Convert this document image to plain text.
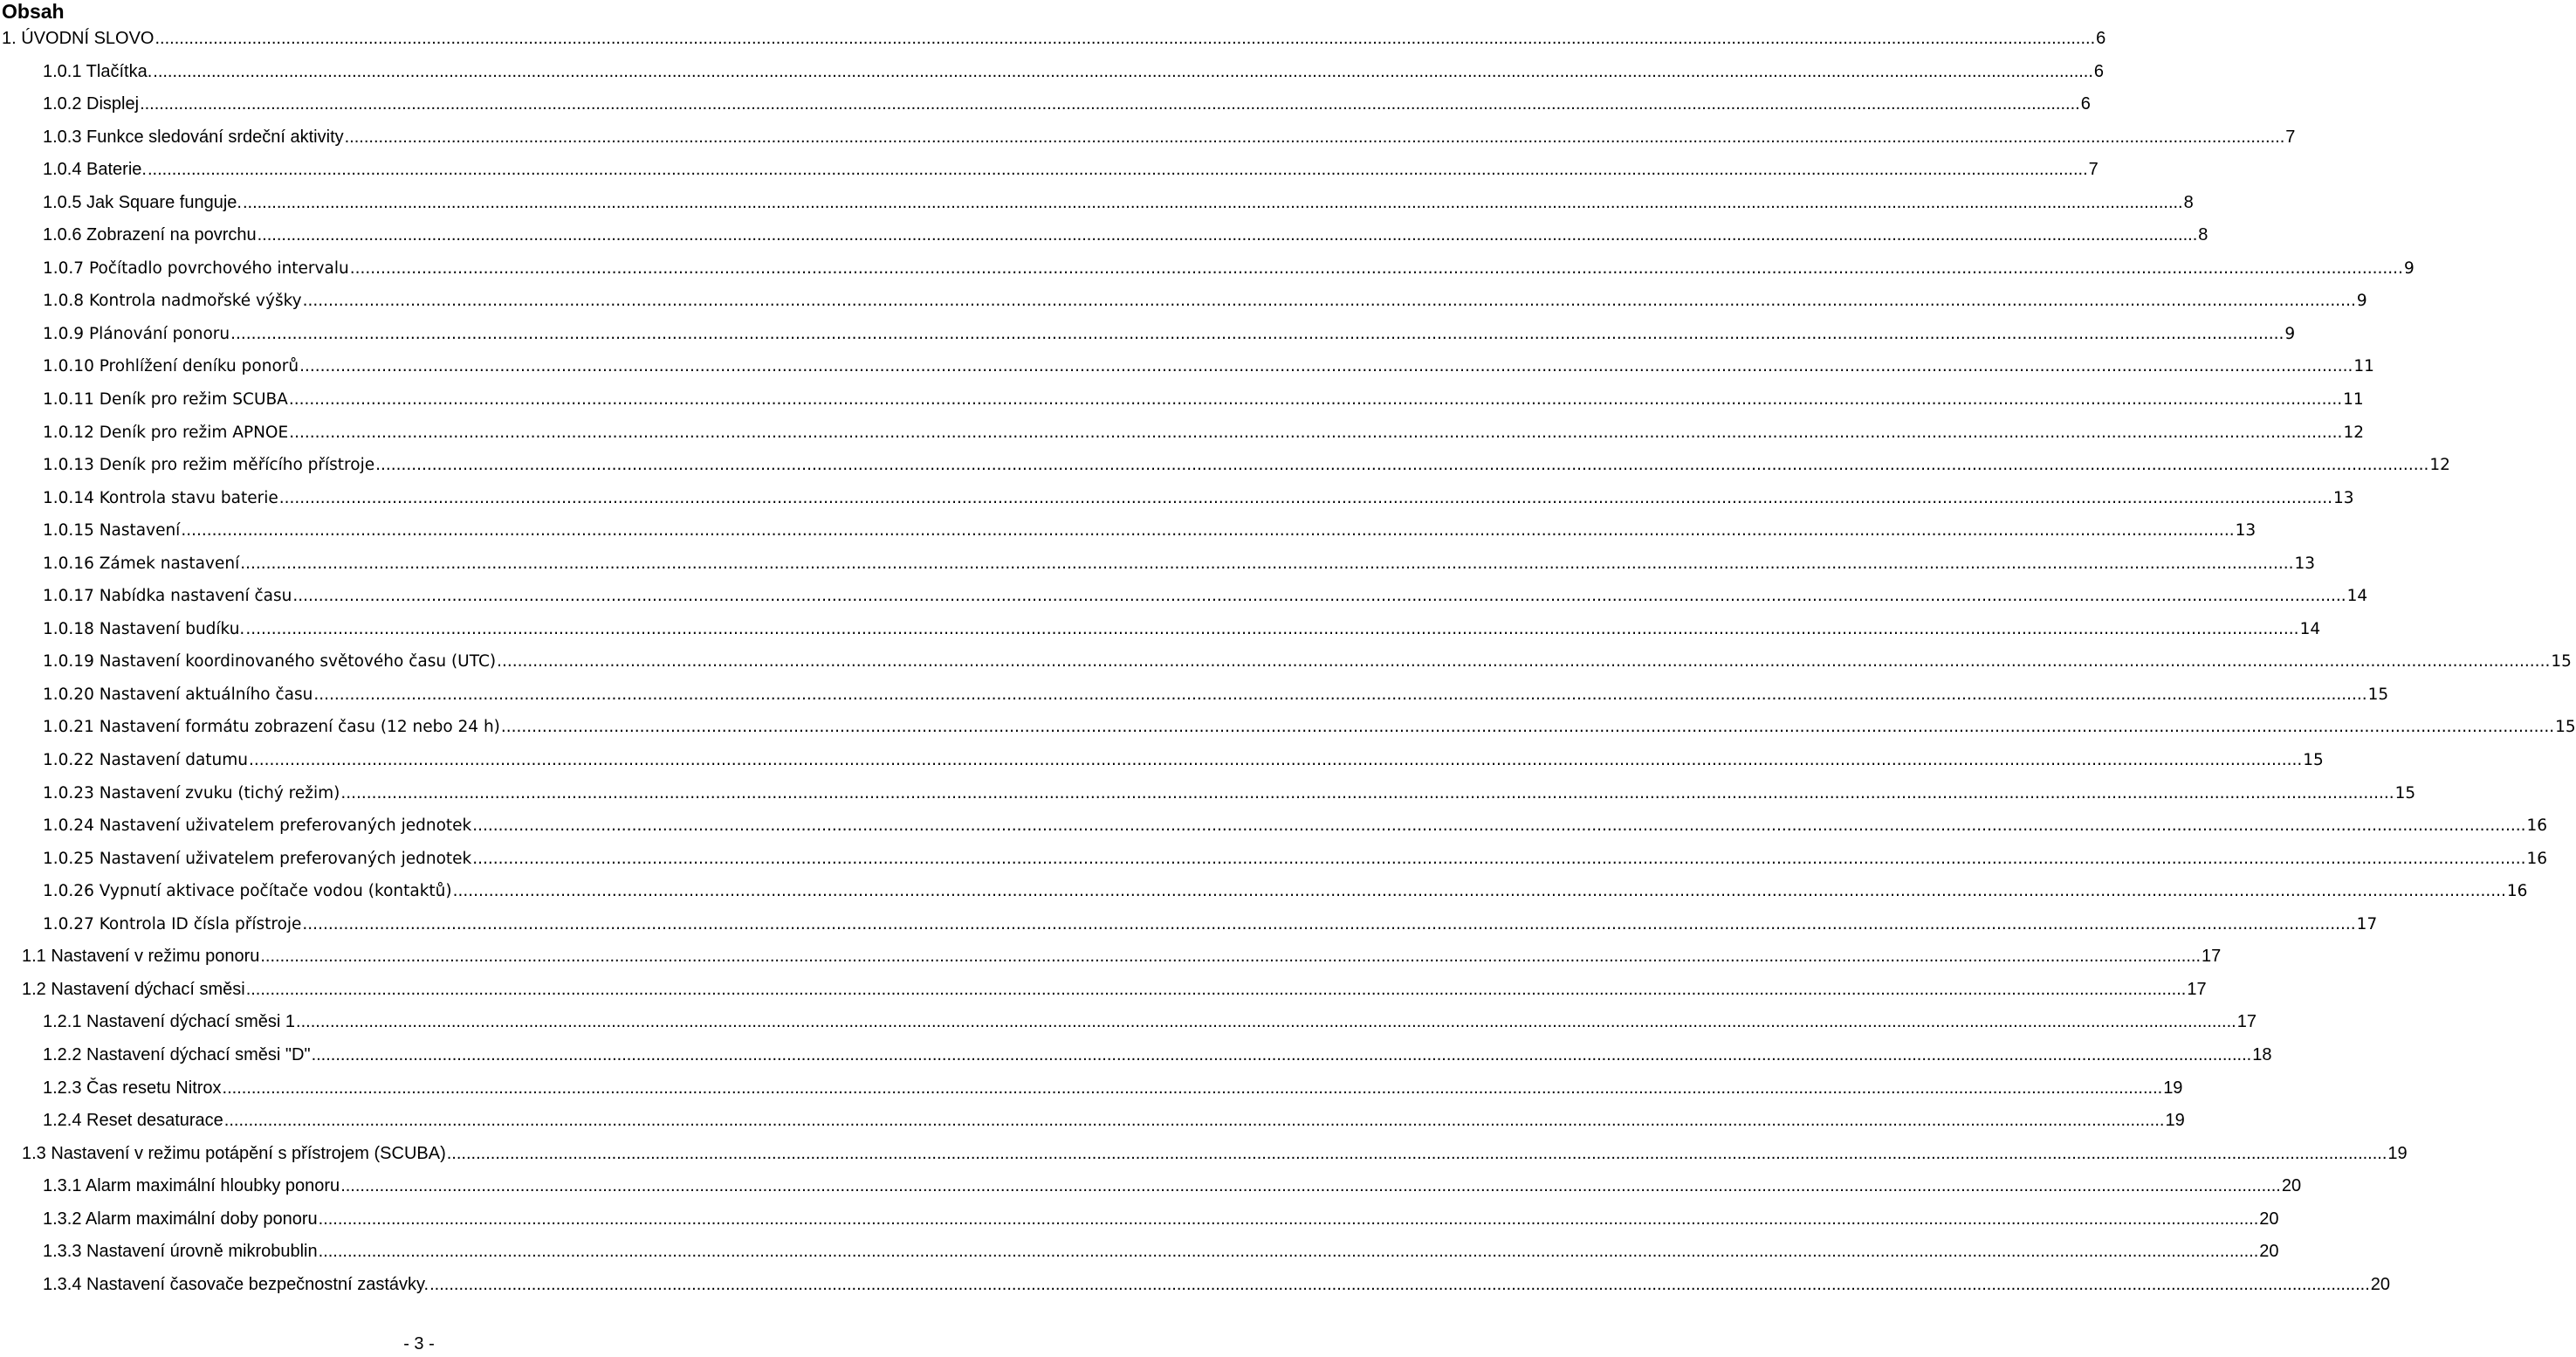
Obsah
1. ÚVODNÍ SLOVO ................................................................................................................................................................................................................................................................................................................................................................................................................ 6
1.0.1 Tlačítka. ................................................................................................................................................................................................................................................................................................................................................................................................................ 6
1.0.2 Displej ................................................................................................................................................................................................................................................................................................................................................................................................................ 6
1.0.3 Funkce sledování srdeční aktivity ................................................................................................................................................................................................................................................................................................................................................................................................................ 7
1.0.4 Baterie. ................................................................................................................................................................................................................................................................................................................................................................................................................ 7
1.0.5 Jak Square funguje. ................................................................................................................................................................................................................................................................................................................................................................................................................ 8
1.0.6 Zobrazení na povrchu ................................................................................................................................................................................................................................................................................................................................................................................................................ 8
1.0.7 Počítadlo povrchového intervalu ................................................................................................................................................................................................................................................................................................................................................................................................................ 9
1.0.8 Kontrola nadmořské výšky ................................................................................................................................................................................................................................................................................................................................................................................................................ 9
1.0.9 Plánování ponoru ................................................................................................................................................................................................................................................................................................................................................................................................................ 9
1.0.10 Prohlížení deníku ponorů ................................................................................................................................................................................................................................................................................................................................................................................................................ 11
1.0.11 Deník pro režim SCUBA ................................................................................................................................................................................................................................................................................................................................................................................................................ 11
1.0.12 Deník pro režim APNOE ................................................................................................................................................................................................................................................................................................................................................................................................................ 12
1.0.13 Deník pro režim měřícího přístroje ................................................................................................................................................................................................................................................................................................................................................................................................................ 12
1.0.14 Kontrola stavu baterie ................................................................................................................................................................................................................................................................................................................................................................................................................ 13
1.0.15 Nastavení ................................................................................................................................................................................................................................................................................................................................................................................................................ 13
1.0.16 Zámek nastavení ................................................................................................................................................................................................................................................................................................................................................................................................................ 13
1.0.17 Nabídka nastavení času ................................................................................................................................................................................................................................................................................................................................................................................................................ 14
1.0.18 Nastavení budíku. ................................................................................................................................................................................................................................................................................................................................................................................................................ 14
1.0.19 Nastavení koordinovaného světového času (UTC) ................................................................................................................................................................................................................................................................................................................................................................................................................ 15
1.0.20 Nastavení aktuálního času ................................................................................................................................................................................................................................................................................................................................................................................................................ 15
1.0.21 Nastavení formátu zobrazení času (12 nebo 24 h) ................................................................................................................................................................................................................................................................................................................................................................................................................ 15
1.0.22 Nastavení datumu ................................................................................................................................................................................................................................................................................................................................................................................................................ 15
1.0.23 Nastavení zvuku (tichý režim) ................................................................................................................................................................................................................................................................................................................................................................................................................ 15
1.0.24 Nastavení uživatelem preferovaných jednotek ................................................................................................................................................................................................................................................................................................................................................................................................................ 16
1.0.25 Nastavení uživatelem preferovaných jednotek ................................................................................................................................................................................................................................................................................................................................................................................................................ 16
1.0.26 Vypnutí aktivace počítače vodou (kontaktů) ................................................................................................................................................................................................................................................................................................................................................................................................................ 16
1.0.27 Kontrola ID čísla přístroje ................................................................................................................................................................................................................................................................................................................................................................................................................ 17
1.1 Nastavení v režimu ponoru ................................................................................................................................................................................................................................................................................................................................................................................................................ 17
1.2 Nastavení dýchací směsi ................................................................................................................................................................................................................................................................................................................................................................................................................ 17
1.2.1 Nastavení dýchací směsi 1 ................................................................................................................................................................................................................................................................................................................................................................................................................ 17
1.2.2 Nastavení dýchací směsi "D" ................................................................................................................................................................................................................................................................................................................................................................................................................ 18
1.2.3 Čas resetu Nitrox ................................................................................................................................................................................................................................................................................................................................................................................................................ 19
1.2.4 Reset desaturace ................................................................................................................................................................................................................................................................................................................................................................................................................ 19
1.3 Nastavení v režimu potápění s přístrojem (SCUBA) ................................................................................................................................................................................................................................................................................................................................................................................................................ 19
1.3.1 Alarm maximální hloubky ponoru ................................................................................................................................................................................................................................................................................................................................................................................................................ 20
1.3.2 Alarm maximální doby ponoru ................................................................................................................................................................................................................................................................................................................................................................................................................ 20
1.3.3 Nastavení úrovně mikrobublin ................................................................................................................................................................................................................................................................................................................................................................................................................ 20
1.3.4 Nastavení časovače bezpečnostní zastávky. ................................................................................................................................................................................................................................................................................................................................................................................................................ 20
- 3 -
